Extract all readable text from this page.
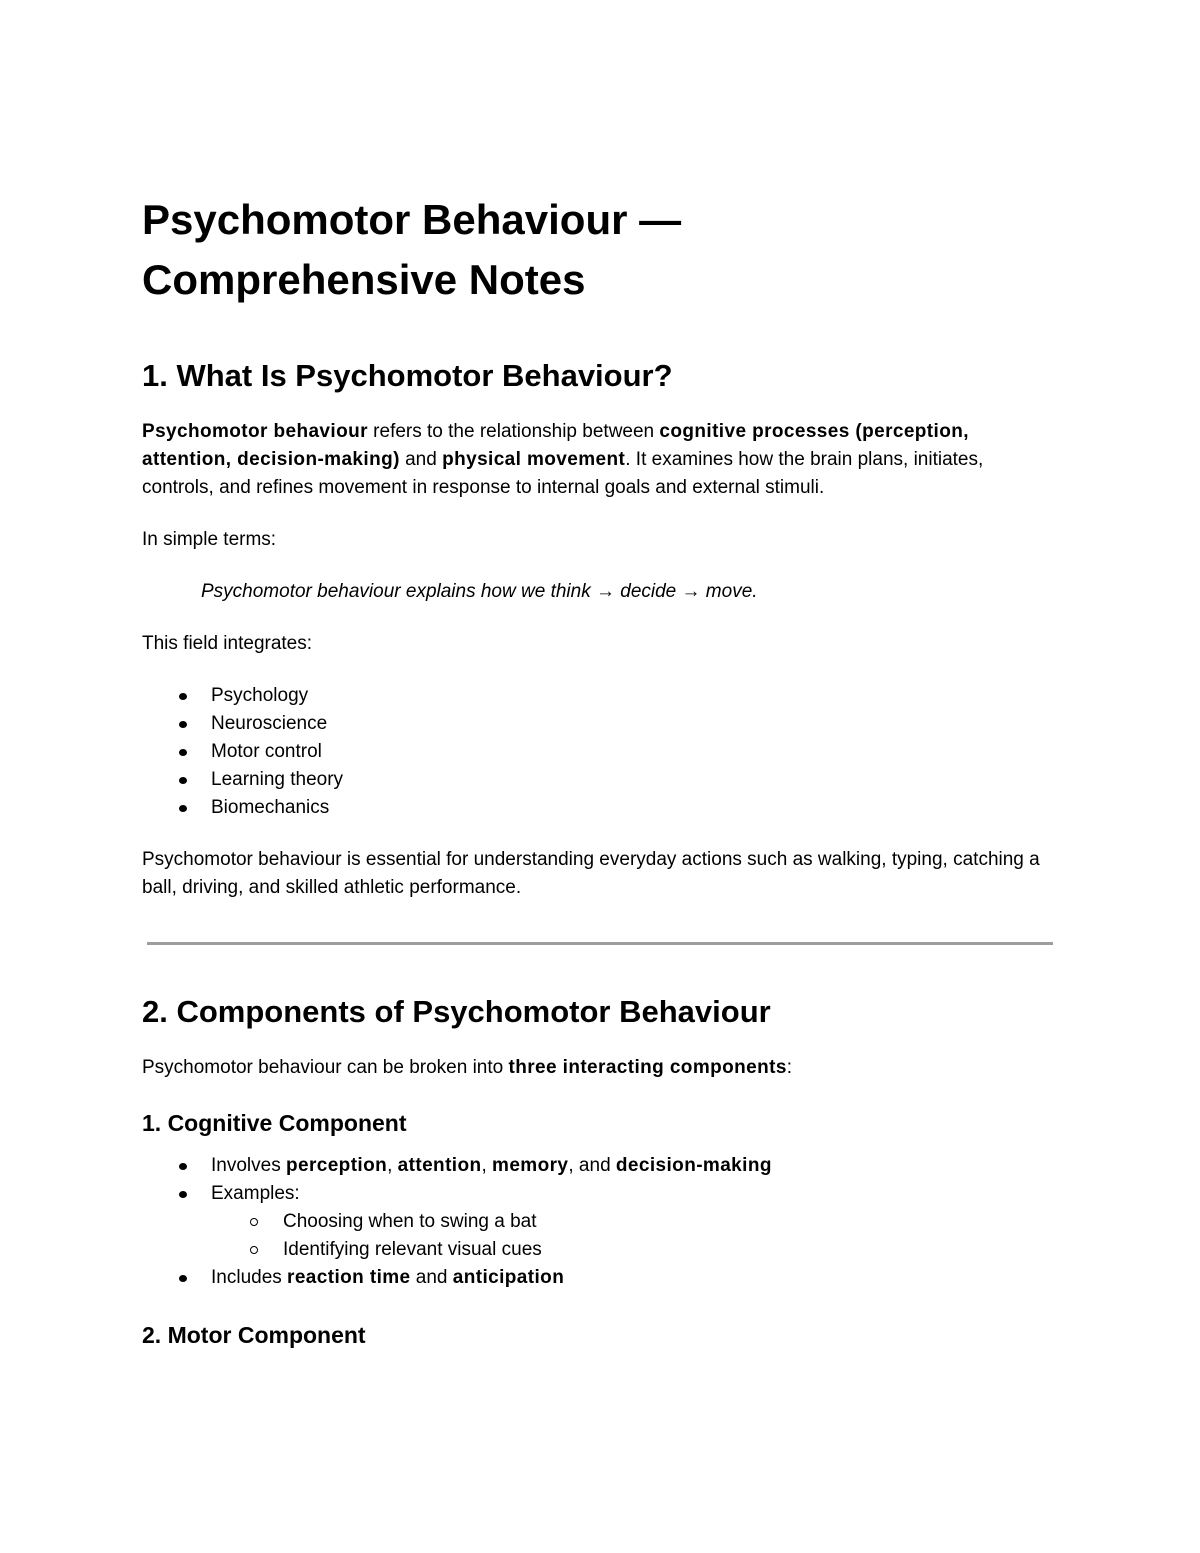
Psychomotor Behaviour —
Comprehensive Notes
1. What Is Psychomotor Behaviour?

Psychomotor behaviour refers to the relationship between cognitive processes (perception, attention, decision-making) and physical movement. It examines how the brain plans, initiates, controls, and refines movement in response to internal goals and external stimuli.

In simple terms:

Psychomotor behaviour explains how we think → decide → move.

This field integrates:

Psychology
Neuroscience
Motor control
Learning theory
Biomechanics

Psychomotor behaviour is essential for understanding everyday actions such as walking, typing, catching a ball, driving, and skilled athletic performance.

2. Components of Psychomotor Behaviour

Psychomotor behaviour can be broken into three interacting components:

1. Cognitive Component
Involves perception, attention, memory, and decision-making
Examples:
Choosing when to swing a bat
Identifying relevant visual cues
Includes reaction time and anticipation
2. Motor Component
